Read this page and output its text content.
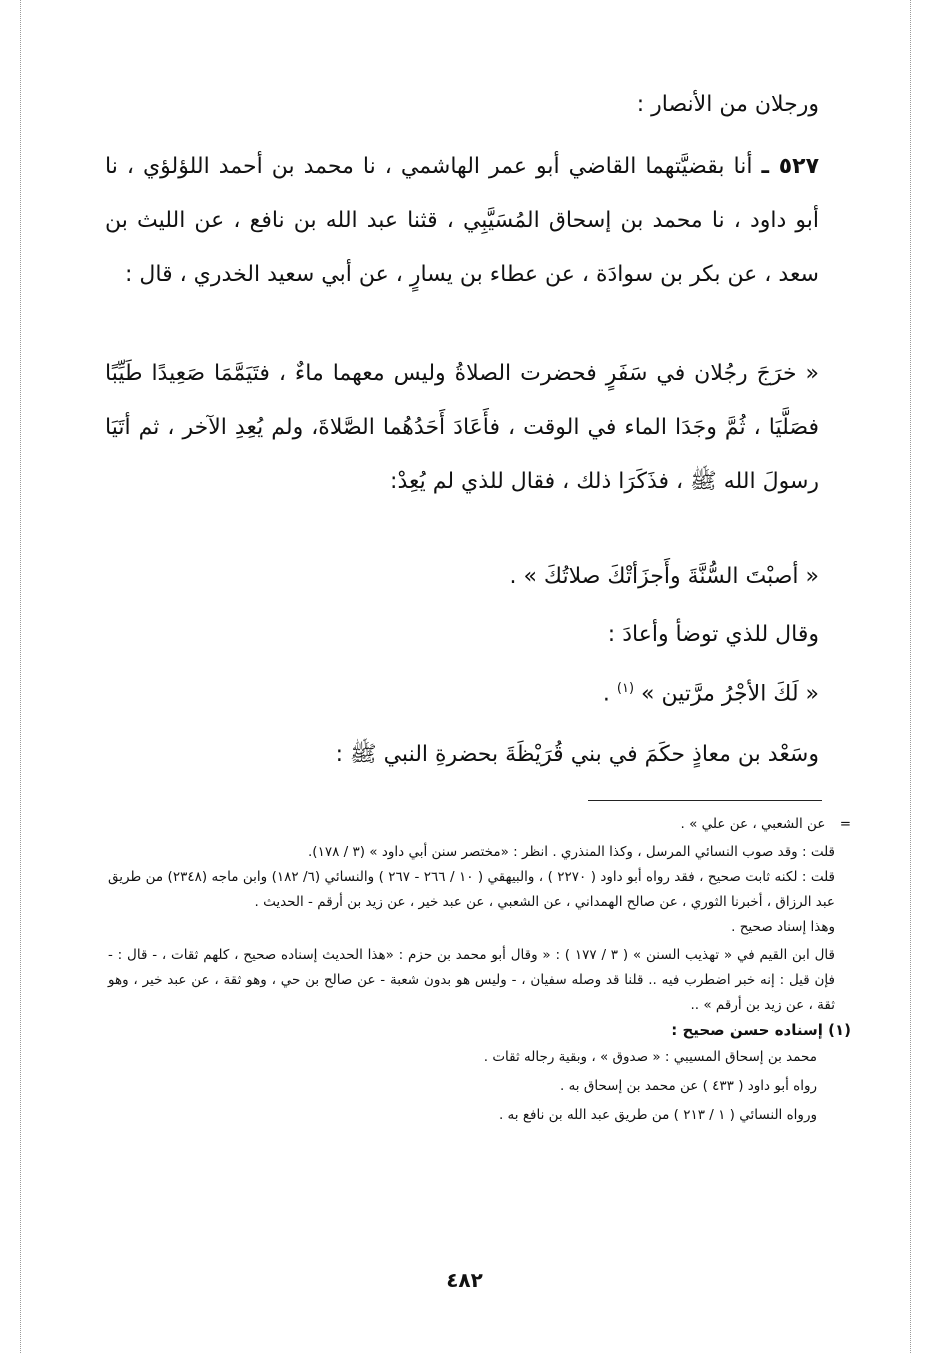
ورجلان من الأنصار :

٥٢٧ ـ أنا بقضيَّتهما القاضي أبو عمر الهاشمي ، نا محمد بن أحمد اللؤلؤي ، نا أبو داود ، نا محمد بن إسحاق المُسَيَّبِي ، قثنا عبد الله بن نافع ، عن الليث بن سعد ، عن بكر بن سوادَة ، عن عطاء بن يسارٍ ، عن أبي سعيد الخدري ، قال :

« خرَجَ رجُلان في سَفَرٍ فحضرت الصلاةُ وليس معهما ماءٌ ، فتَيَمَّمَا صَعِيدًا طَيِّبًا فصَلَّيَا ، ثُمَّ وجَدَا الماء في الوقت ، فأَعَادَ أَحَدُهُما الصَّلاةَ، ولم يُعِدِ الآخر ، ثم أتَيَا رسولَ الله ﷺ ، فذَكَرَا ذلك ، فقال للذي لم يُعِدْ:

« أصبْتَ السُّنَّةَ وأَجزَأتْكَ صلاتُكَ » .

وقال للذي توضأ وأعادَ :

« لَكَ الأجْرُ مرَّتين » $^{(١)}$ .

وسَعْد بن معاذٍ حكَمَ في بني قُرَيْظَةَ بحضرةِ النبي ﷺ :

= عن الشعبي ، عن علي » .

قلت : وقد صوب النسائي المرسل ، وكذا المنذري . انظر : «مختصر سنن أبي داود » (٣ / ١٧٨).

قلت : لكنه ثابت صحيح ، فقد رواه أبو داود ( ٢٢٧٠ ) ، والبيهقي ( ١٠ / ٢٦٦ - ٢٦٧ ) والنسائي (٦/ ١٨٢) وابن ماجه (٢٣٤٨) من طريق عبد الرزاق ، أخبرنا الثوري ، عن صالح الهمداني ، عن الشعبي ، عن عبد خير ، عن زيد بن أرقم - الحديث .

وهذا إسناد صحيح .

قال ابن القيم في « تهذيب السنن » ( ٣ / ١٧٧ ) : « وقال أبو محمد بن حزم : «هذا الحديث إسناده صحيح ، كلهم ثقات ، - قال : - فإن قيل : إنه خبر اضطرب فيه .. قلنا قد وصله سفيان ، - وليس هو بدون شعبة - عن صالح بن حي ، وهو ثقة ، عن عبد خير ، وهو ثقة ، عن زيد بن أرقم » ..

(١) إسناده حسن صحيح :

محمد بن إسحاق المسيبي : « صدوق » ، وبقية رجاله ثقات .

رواه أبو داود ( ٤٣٣ ) عن محمد بن إسحاق به .

ورواه النسائي ( ١ / ٢١٣ ) من طريق عبد الله بن نافع به .

٤٨٢
